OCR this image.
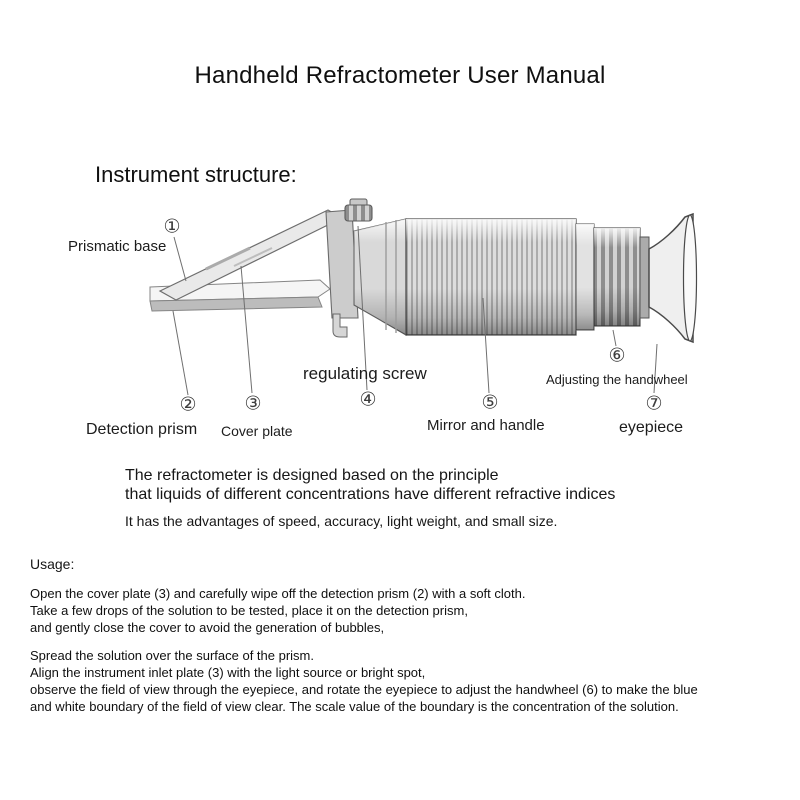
Handheld Refractometer User Manual
Instrument structure:
①
②	③	④	⑤
⑥
⑦
Prismatic base
Detection prism Cover plate
regulating screw
Mirror and handle
Adjusting the handwheel
eyepiece
The refractometer is designed based on the principle
that liquids of different concentrations have different refractive indices
It has the advantages of speed, accuracy, light weight, and small size.
Usage:
Open the cover plate (3) and carefully wipe off the detection prism (2) with a soft cloth.
Take a few drops of the solution to be tested, place it on the detection prism,
and gently close the cover to avoid the generation of bubbles,
Spread the solution over the surface of the prism.
Align the instrument inlet plate (3) with the light source or bright spot,
observe the field of view through the eyepiece, and rotate the eyepiece to adjust the handwheel (6) to make the blue
and white boundary of the field of view clear. The scale value of the boundary is the concentration of the solution.
